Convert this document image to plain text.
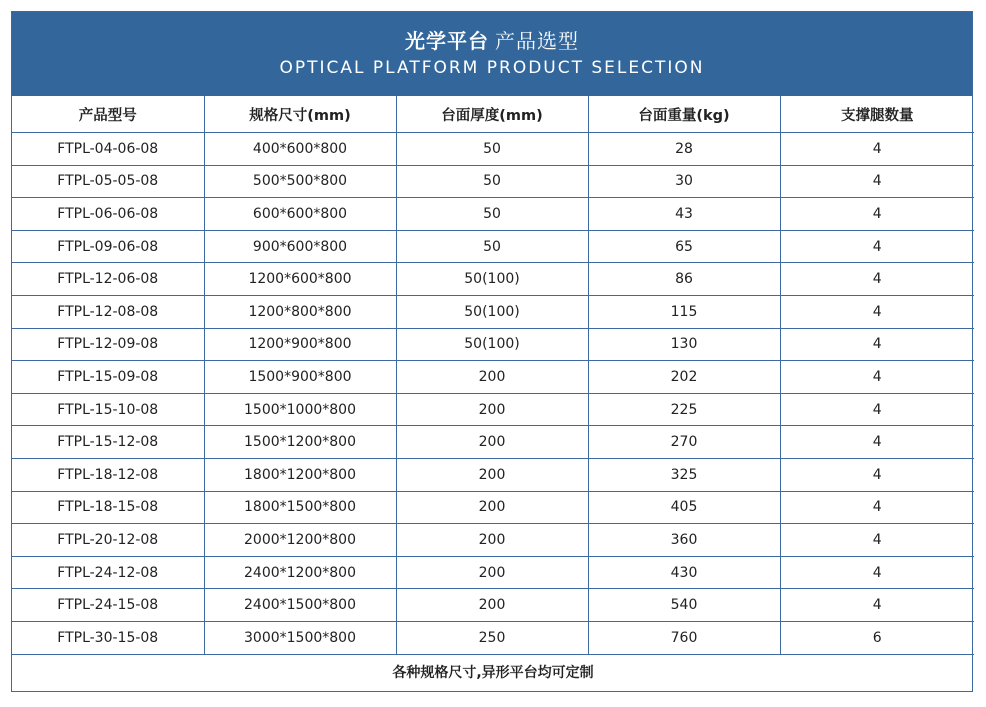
光学平台 产品选型
OPTICAL PLATFORM PRODUCT SELECTION
产品型号	规格尺寸(mm)	台面厚度(mm)	台面重量(kg)	支撑腿数量
FTPL-04-06-08	400*600*800	50	28	4
FTPL-05-05-08	500*500*800	50	30	4
FTPL-06-06-08	600*600*800	50	43	4
FTPL-09-06-08	900*600*800	50	65	4
FTPL-12-06-08	1200*600*800	50(100)	86	4
FTPL-12-08-08	1200*800*800	50(100)	115	4
FTPL-12-09-08	1200*900*800	50(100)	130	4
FTPL-15-09-08	1500*900*800	200	202	4
FTPL-15-10-08	1500*1000*800	200	225	4
FTPL-15-12-08	1500*1200*800	200	270	4
FTPL-18-12-08	1800*1200*800	200	325	4
FTPL-18-15-08	1800*1500*800	200	405	4
FTPL-20-12-08	2000*1200*800	200	360	4
FTPL-24-12-08	2400*1200*800	200	430	4
FTPL-24-15-08	2400*1500*800	200	540	4
FTPL-30-15-08	3000*1500*800	250	760	6
各种规格尺寸,异形平台均可定制				
